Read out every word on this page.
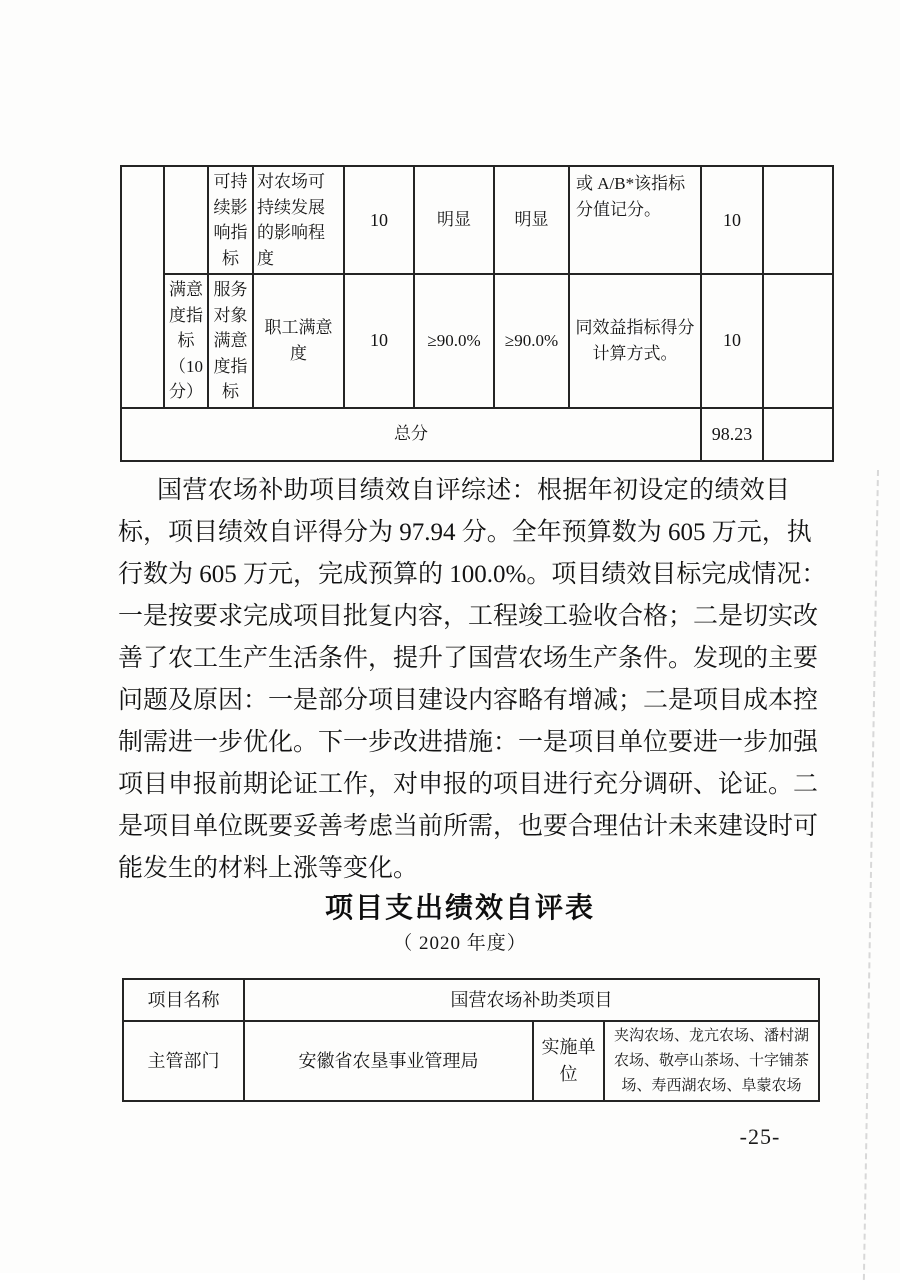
		可持续影响指标	对农场可持续发展的影响程度	10	明显	明显	或 A/B*该指标分值记分。	10	
	满意度指标（10分）	服务对象满意度指标	职工满意度	10	≥90.0%	≥90.0%	同效益指标得分计算方式。	10	
总分								98.23	
国营农场补助项目绩效自评综述：根据年初设定的绩效目
标，项目绩效自评得分为 97.94 分。全年预算数为 605 万元，执
行数为 605 万元，完成预算的 100.0%。项目绩效目标完成情况：
一是按要求完成项目批复内容，工程竣工验收合格；二是切实改
善了农工生产生活条件，提升了国营农场生产条件。发现的主要
问题及原因：一是部分项目建设内容略有增减；二是项目成本控
制需进一步优化。下一步改进措施：一是项目单位要进一步加强
项目申报前期论证工作，对申报的项目进行充分调研、论证。二
是项目单位既要妥善考虑当前所需，也要合理估计未来建设时可
能发生的材料上涨等变化。
项目支出绩效自评表
（ 2020 年度）
项目名称	国营农场补助类项目		
主管部门	安徽省农垦事业管理局	实施单位	夹沟农场、龙亢农场、潘村湖农场、敬亭山茶场、十字铺茶场、寿西湖农场、阜蒙农场
-25-
